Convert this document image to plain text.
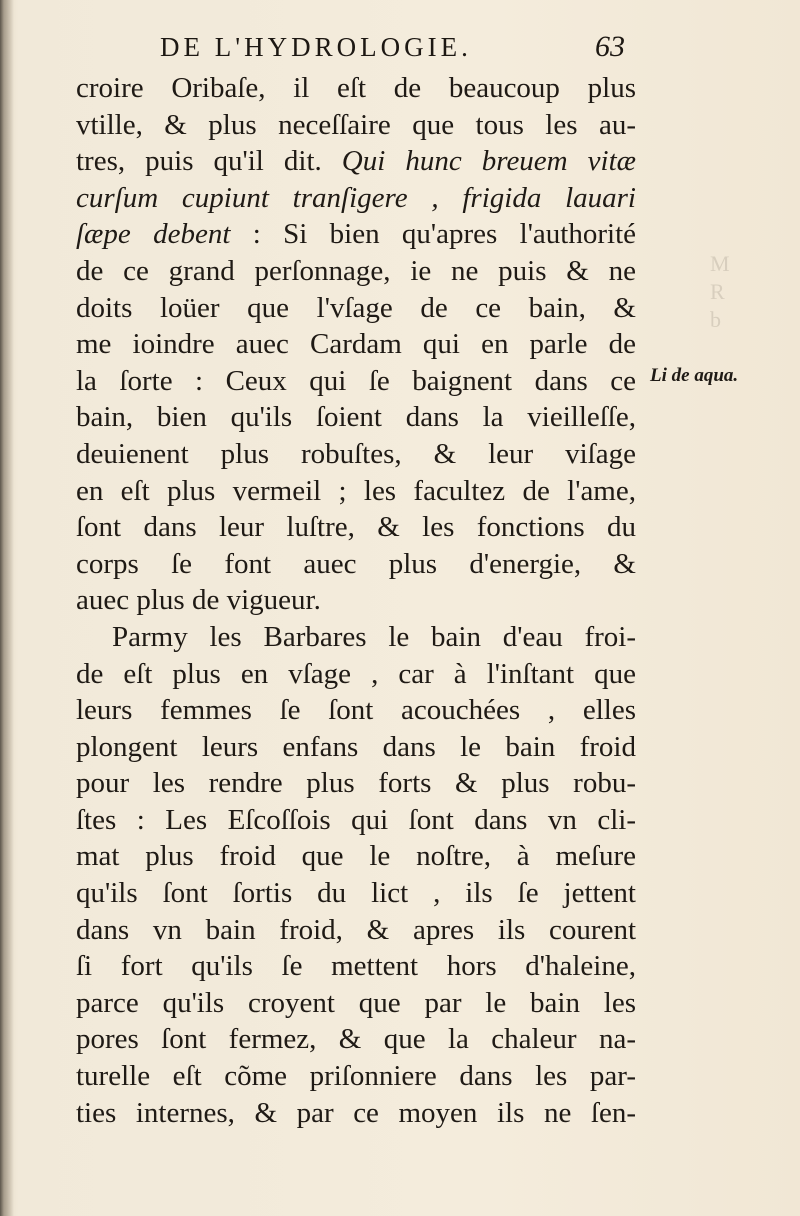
M
R
b
DE L'HYDROLOGIE.	63
croire Oribaſe, il eſt de beaucoup plus
vtille, & plus neceſſaire que tous les au-
tres, puis qu'il dit. Qui hunc breuem vitæ
curſum cupiunt tranſigere , frigida lauari
ſæpe debent : Si bien qu'apres l'authorité
de ce grand perſonnage, ie ne puis & ne
doits loüer que l'vſage de ce bain, &
me ioindre auec Cardam qui en parle de
la ſorte : Ceux qui ſe baignent dans ce
bain, bien qu'ils ſoient dans la vieilleſſe,
deuienent plus robuſtes, & leur viſage
en eſt plus vermeil ; les facultez de l'ame,
ſont dans leur luſtre, & les fonctions du
corps ſe font auec plus d'energie, &
auec plus de vigueur.
Parmy les Barbares le bain d'eau froi-
de eſt plus en vſage , car à l'inſtant que
leurs femmes ſe ſont acouchées , elles
plongent leurs enfans dans le bain froid
pour les rendre plus forts & plus robu-
ſtes : Les Eſcoſſois qui ſont dans vn cli-
mat plus froid que le noſtre, à meſure
qu'ils ſont ſortis du lict , ils ſe jettent
dans vn bain froid, & apres ils courent
ſi fort qu'ils ſe mettent hors d'haleine,
parce qu'ils croyent que par le bain les
pores ſont fermez, & que la chaleur na-
turelle eſt cõme priſonniere dans les par-
ties internes, & par ce moyen ils ne ſen-
Li de aqua.
